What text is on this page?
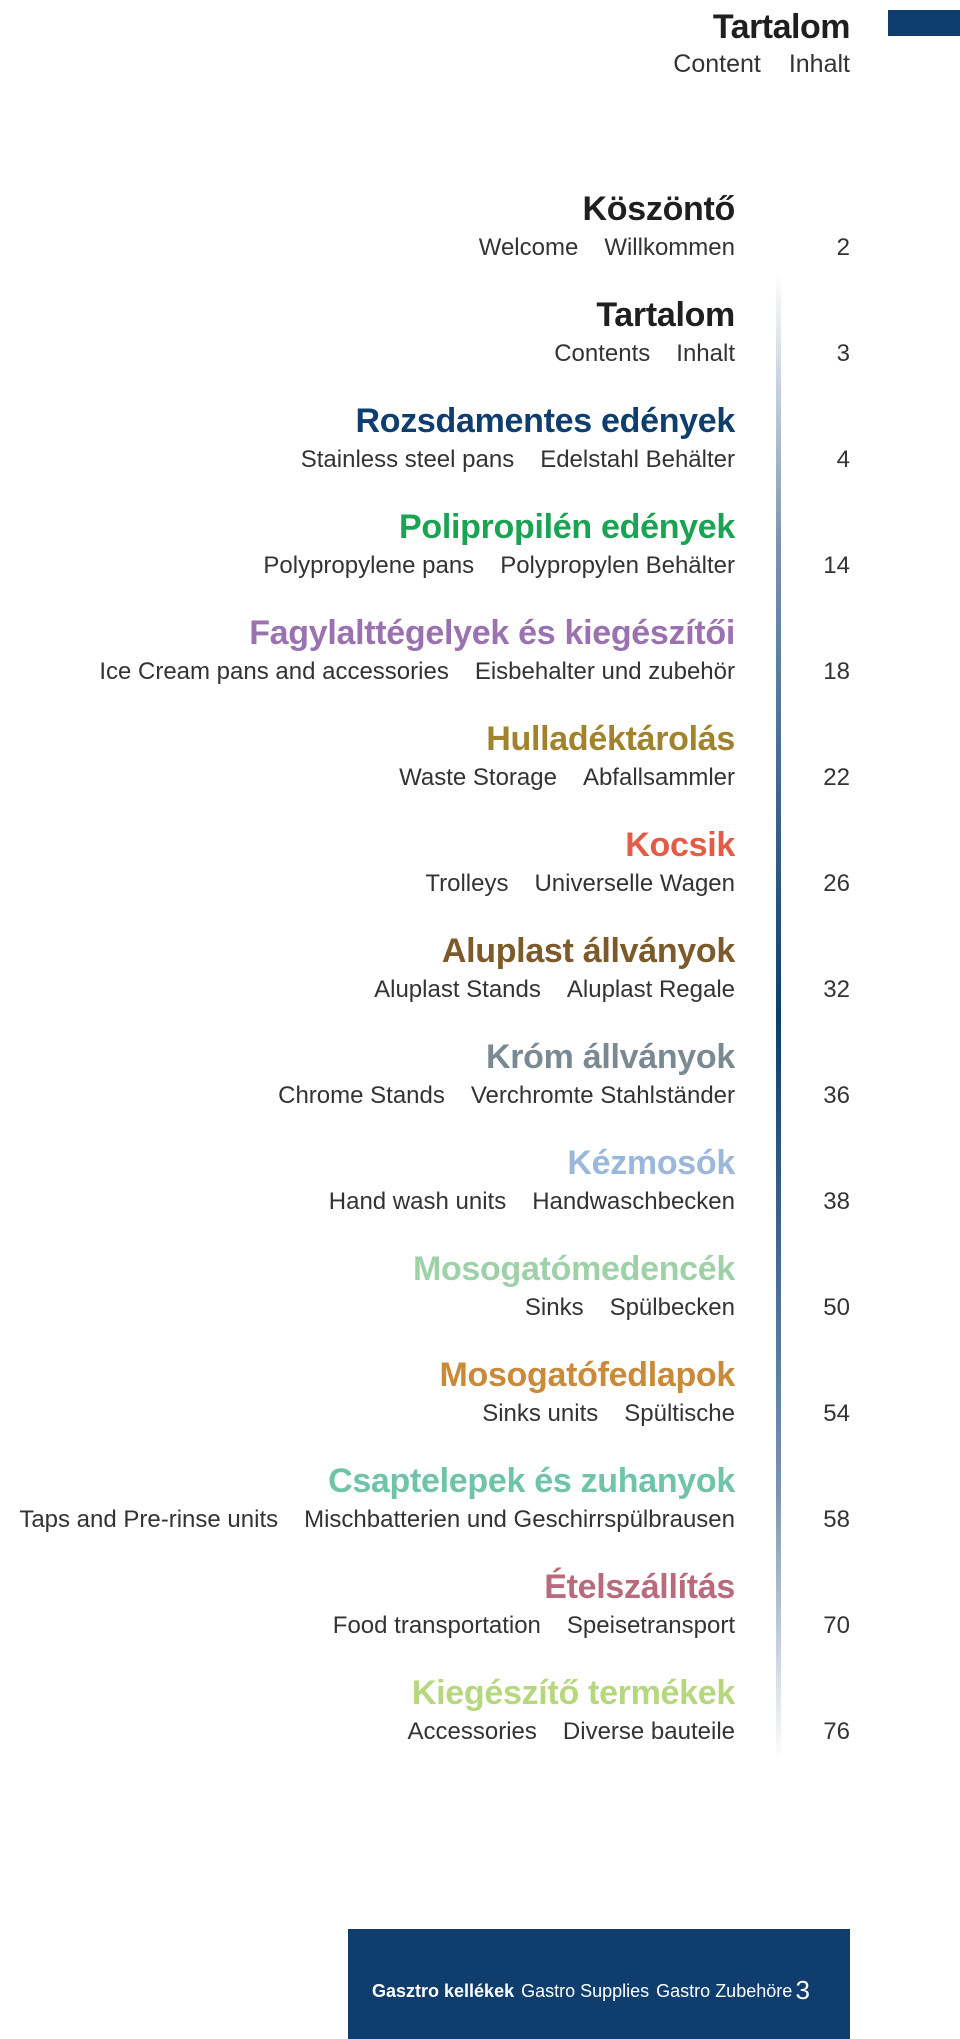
Tartalom
Content Inhalt
Köszöntő
Welcome Willkommen	2
Tartalom
Contents Inhalt	3
Rozsdamentes edények
Stainless steel pans Edelstahl Behälter	4
Polipropilén edények
Polypropylene pans Polypropylen Behälter	14
Fagylalttégelyek és kiegészítői
Ice Cream pans and accessories Eisbehalter und zubehör	18
Hulladéktárolás
Waste Storage Abfallsammler	22
Kocsik
Trolleys Universelle Wagen	26
Aluplast állványok
Aluplast Stands Aluplast Regale	32
Króm állványok
Chrome Stands Verchromte Stahlständer	36
Kézmosók
Hand wash units Handwaschbecken	38
Mosogatómedencék
Sinks Spülbecken	50
Mosogatófedlapok
Sinks units Spültische	54
Csaptelepek és zuhanyok
Taps and Pre-rinse units Mischbatterien und Geschirrspülbrausen	58
Ételszállítás
Food transportation Speisetransport	70
Kiegészítő termékek
Accessories Diverse bauteile	76
Gasztro kellékek Gastro Supplies Gastro Zubehöre 3
